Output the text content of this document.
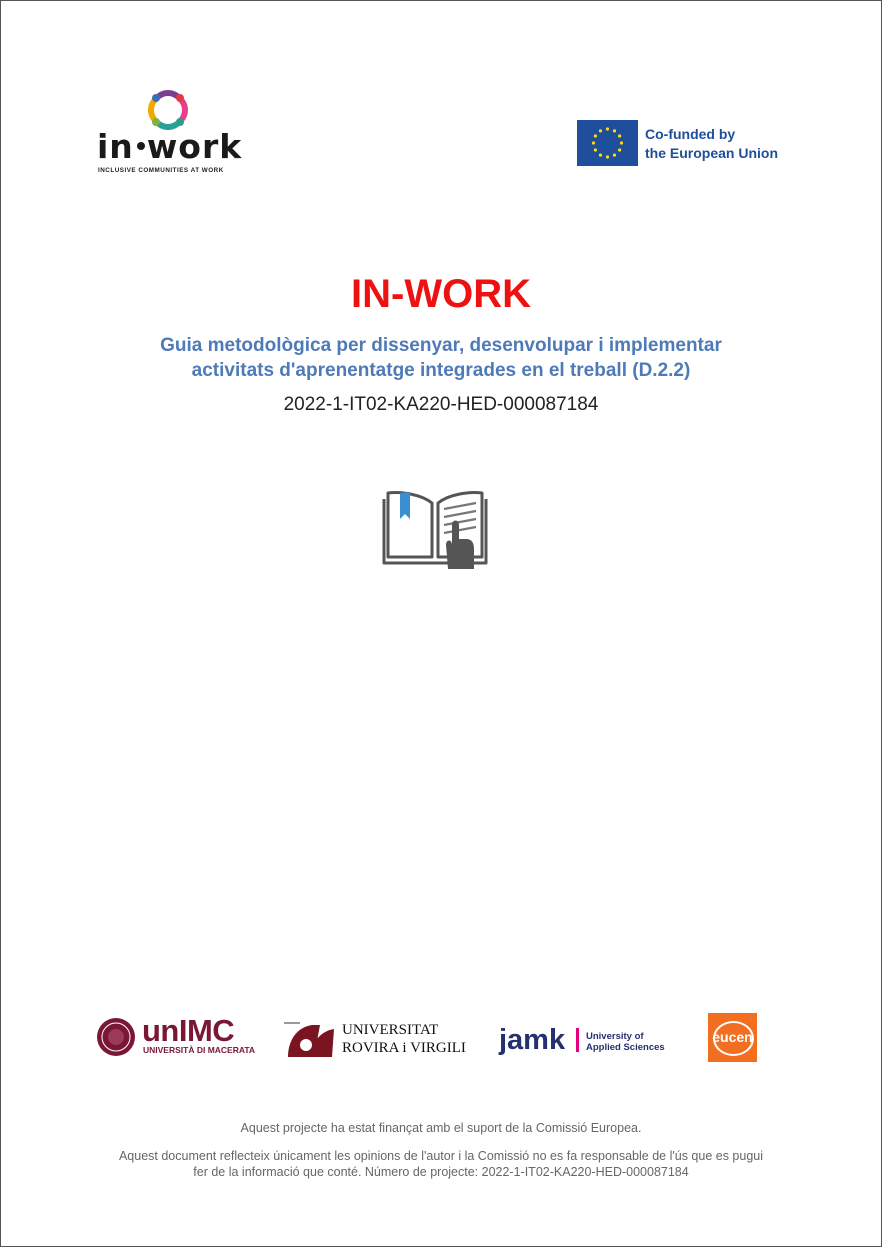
in work
INCLUSIVE COMMUNITIES AT WORK
Co-funded by
the European Union
IN-WORK
Guia metodològica per dissenyar, desenvolupar i implementar
activitats d'aprenentatge integrades en el treball (D.2.2)
2022-1-IT02-KA220-HED-000087184
unIMC
UNIVERSITÀ DI MACERATA
UNIVERSITAT
ROVIRA i VIRGILI jamk University of
Applied Sciences
eucen
Aquest projecte ha estat finançat amb el suport de la Comissió Europea.
Aquest document reflecteix únicament les opinions de l'autor i la Comissió no es fa responsable de l'ús que es pugui
fer de la informació que conté. Número de projecte: 2022-1-IT02-KA220-HED-000087184
